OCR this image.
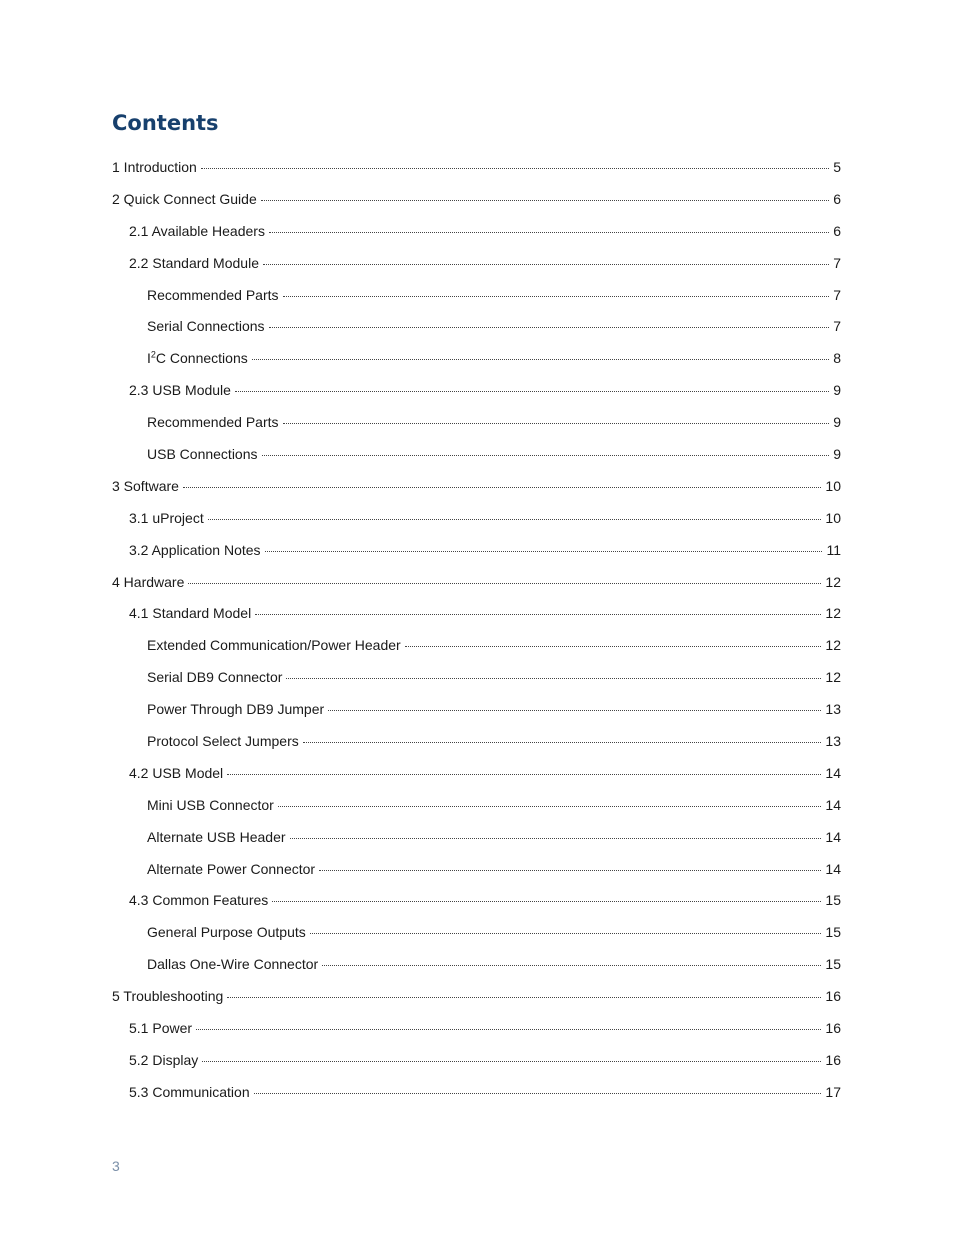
Contents
1 Introduction	5
2 Quick Connect Guide	6
2.1 Available Headers	6
2.2 Standard Module	7
Recommended Parts	7
Serial Connections	7
$I^2C$ Connections	8
2.3 USB Module	9
Recommended Parts	9
USB Connections	9
3 Software	10
3.1 uProject	10
3.2 Application Notes	11
4 Hardware	12
4.1 Standard Model	12
Extended Communication/Power Header	12
Serial DB9 Connector	12
Power Through DB9 Jumper	13
Protocol Select Jumpers	13
4.2 USB Model	14
Mini USB Connector	14
Alternate USB Header	14
Alternate Power Connector	14
4.3 Common Features	15
General Purpose Outputs	15
Dallas One-Wire Connector	15
5 Troubleshooting	16
5.1 Power	16
5.2 Display	16
5.3 Communication	17

3
